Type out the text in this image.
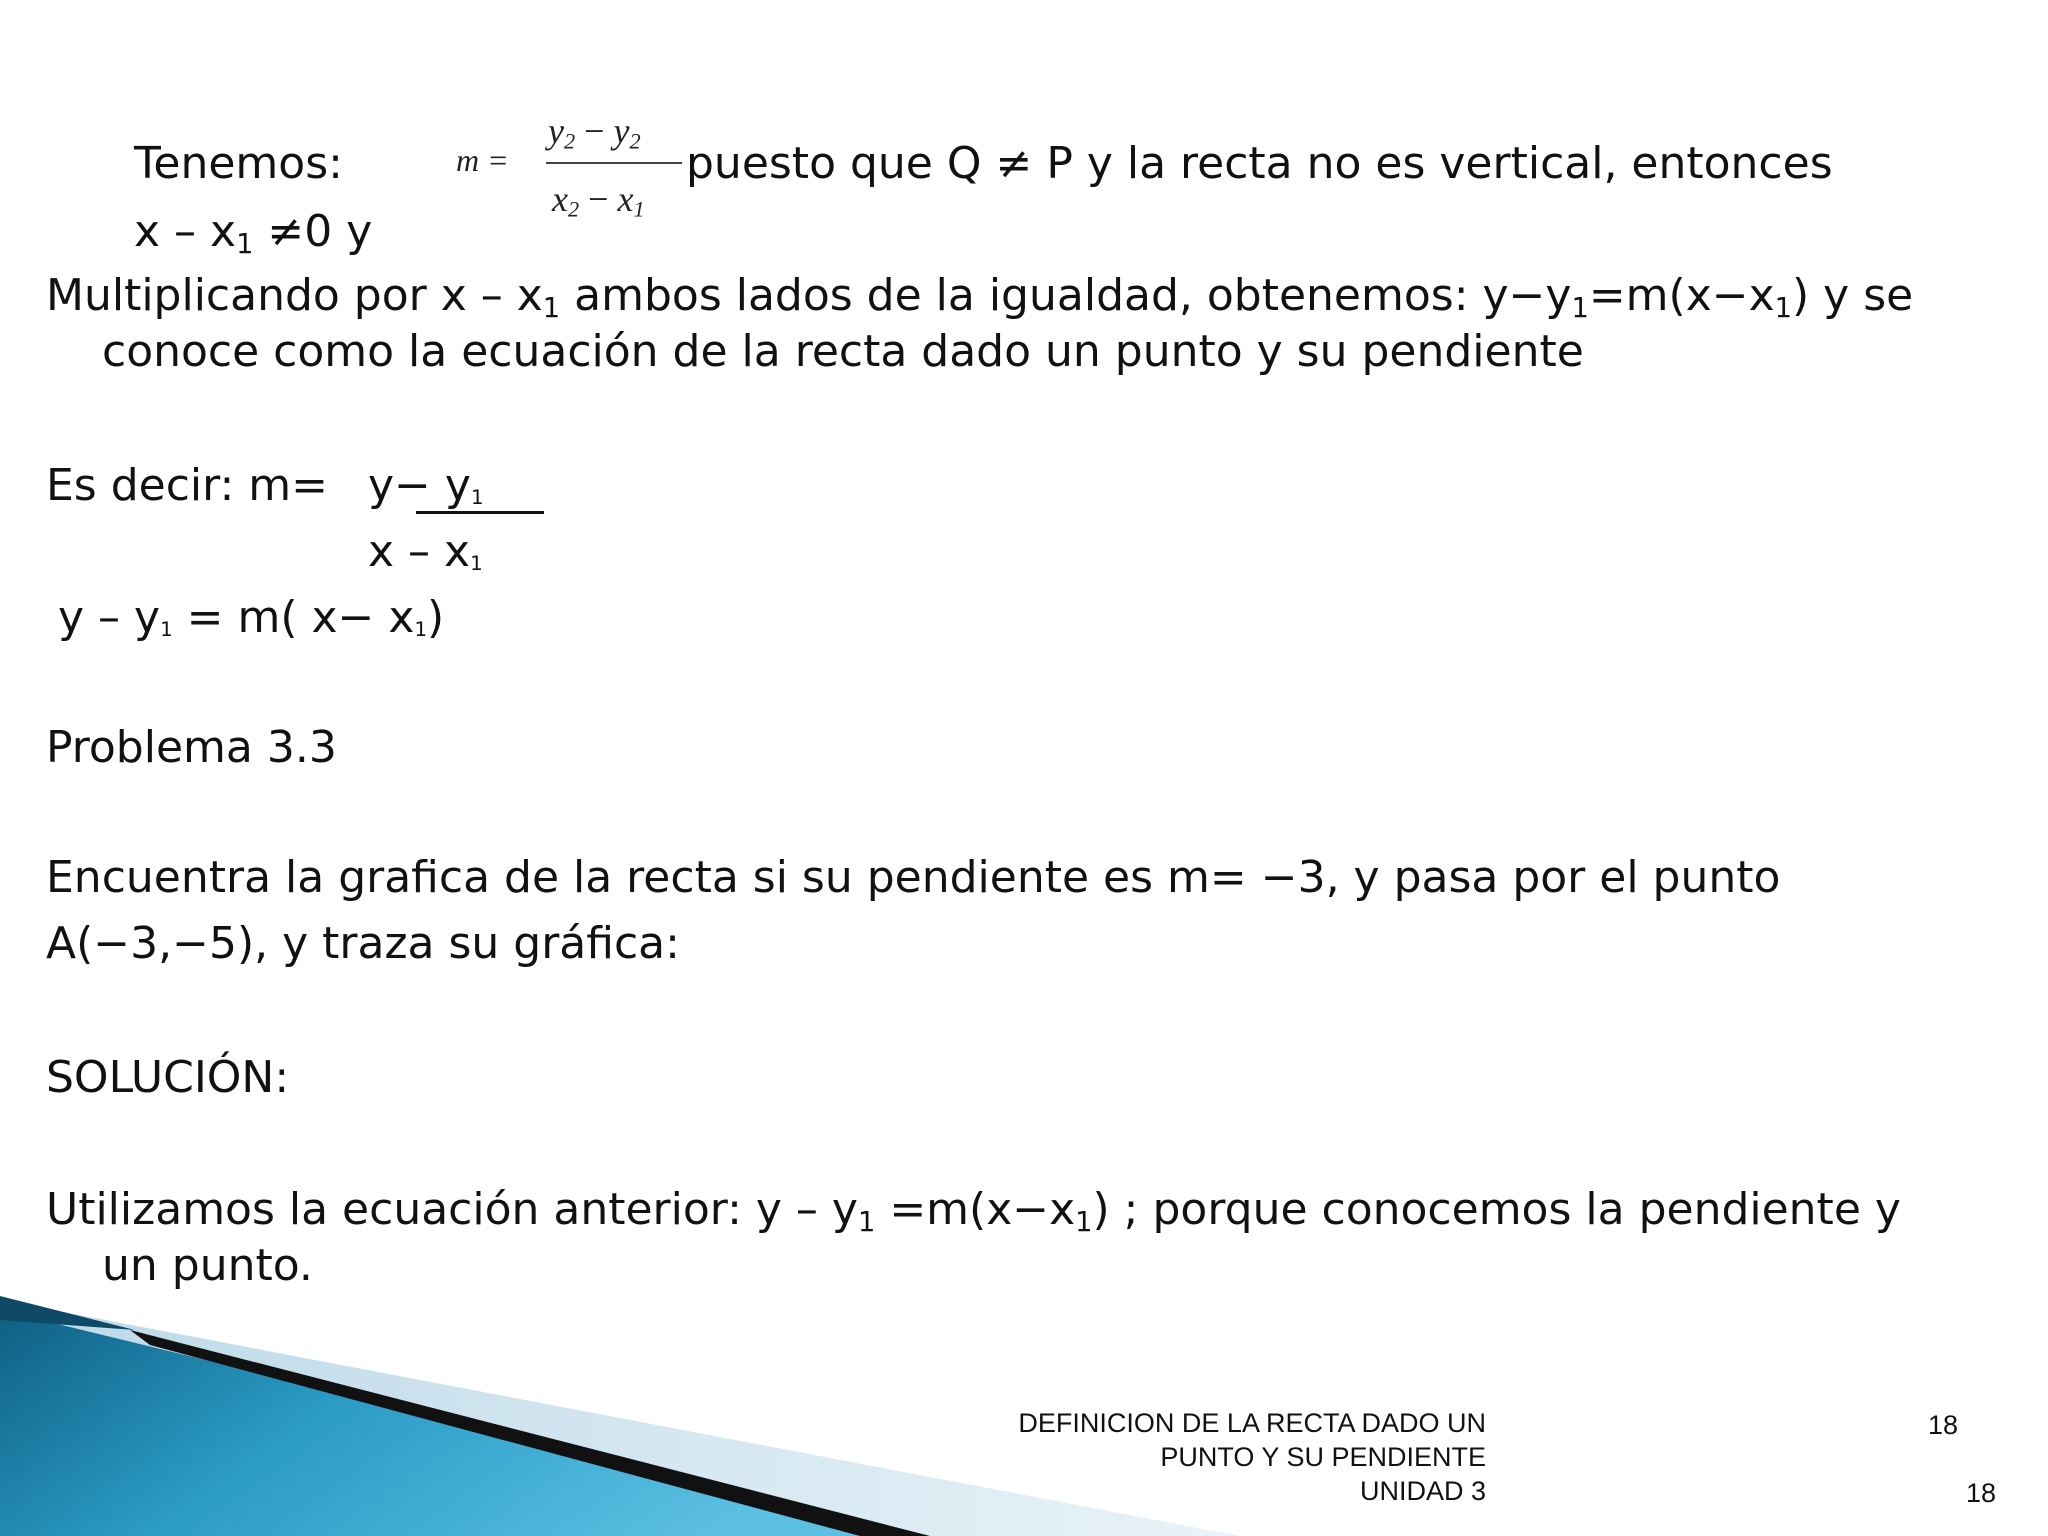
Tenemos:	m =
$y_2 - y_2$
$x_2 - x_1$
puesto que Q ≠ P y la recta no es vertical, entonces
$x - x_1 \ne 0$ y
Multiplicando por x – $x_1$ ambos lados de la igualdad, obtenemos: $y-y_1=m(x-x_1)$ y se
conoce como la ecuación de la recta dado un punto y su pendiente
Es decir: m= y− y1
x – x1
y – y1 = m( x− x1)
Problema 3.3
Encuentra la grafica de la recta si su pendiente es m= −3, y pasa por el punto
A(−3,−5), y traza su gráfica:
SOLUCIÓN:
Utilizamos la ecuación anterior: $y - y_1 =m(x-x_1)$ ; porque conocemos la pendiente y
un punto.
DEFINICION DE LA RECTA DADO UN
PUNTO Y SU PENDIENTE
UNIDAD 3
18
18
